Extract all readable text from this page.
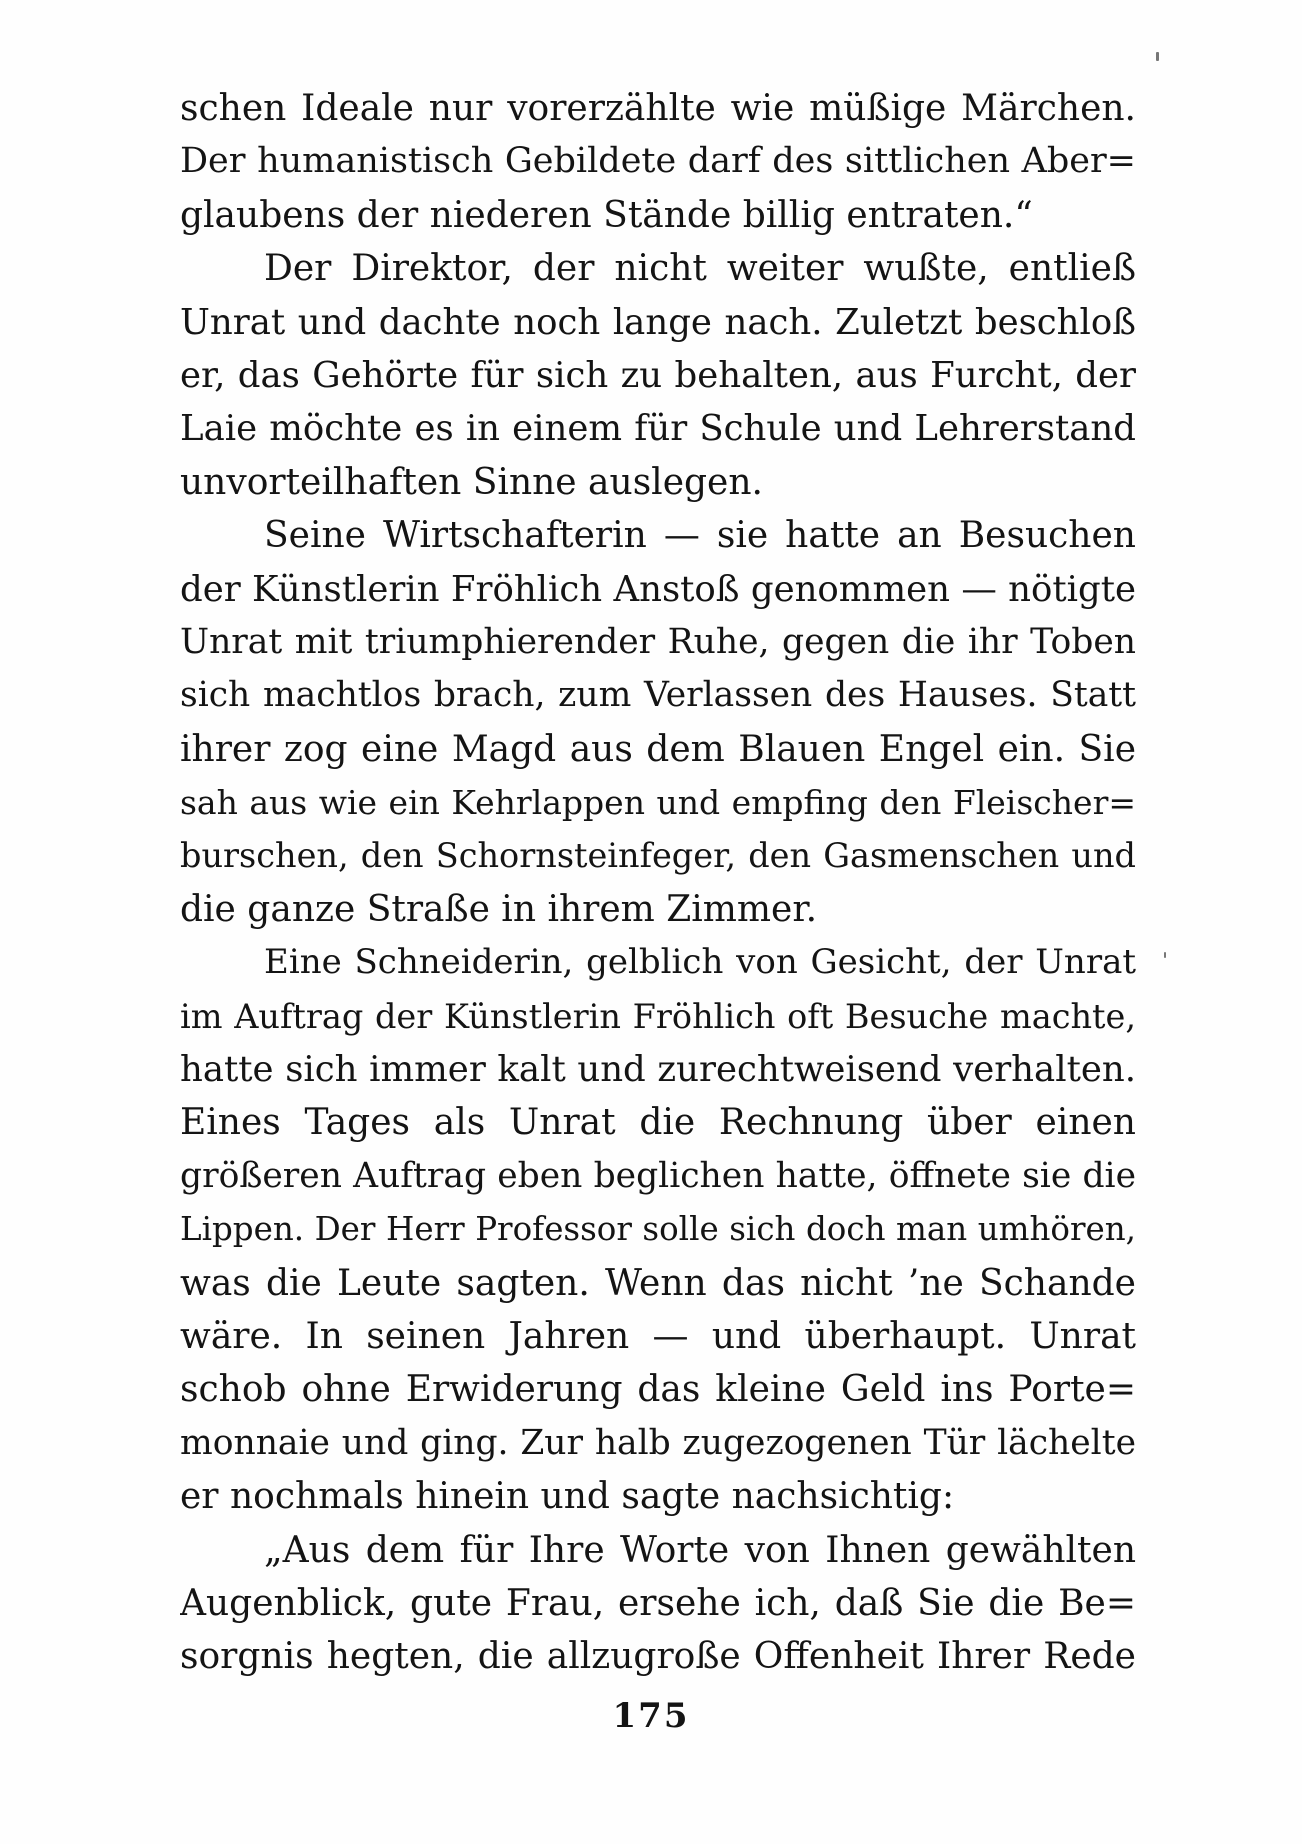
schen Ideale nur vorerzählte wie müßige Märchen.
Der humanistisch Gebildete darf des sittlichen Aber=
glaubens der niederen Stände billig entraten.“
Der Direktor, der nicht weiter wußte, entließ
Unrat und dachte noch lange nach. Zuletzt beschloß
er, das Gehörte für sich zu behalten, aus Furcht, der
Laie möchte es in einem für Schule und Lehrerstand
unvorteilhaften Sinne auslegen.
Seine Wirtschafterin — sie hatte an Besuchen
der Künstlerin Fröhlich Anstoß genommen — nötigte
Unrat mit triumphierender Ruhe, gegen die ihr Toben
sich machtlos brach, zum Verlassen des Hauses. Statt
ihrer zog eine Magd aus dem Blauen Engel ein. Sie
sah aus wie ein Kehrlappen und empfing den Fleischer=
burschen, den Schornsteinfeger, den Gasmenschen und
die ganze Straße in ihrem Zimmer.
Eine Schneiderin, gelblich von Gesicht, der Unrat
im Auftrag der Künstlerin Fröhlich oft Besuche machte,
hatte sich immer kalt und zurechtweisend verhalten.
Eines Tages als Unrat die Rechnung über einen
größeren Auftrag eben beglichen hatte, öffnete sie die
Lippen. Der Herr Professor solle sich doch man umhören,
was die Leute sagten. Wenn das nicht ’ne Schande
wäre. In seinen Jahren — und überhaupt. Unrat
schob ohne Erwiderung das kleine Geld ins Porte=
monnaie und ging. Zur halb zugezogenen Tür lächelte
er nochmals hinein und sagte nachsichtig:
„Aus dem für Ihre Worte von Ihnen gewählten
Augenblick, gute Frau, ersehe ich, daß Sie die Be=
sorgnis hegten, die allzugroße Offenheit Ihrer Rede
175
